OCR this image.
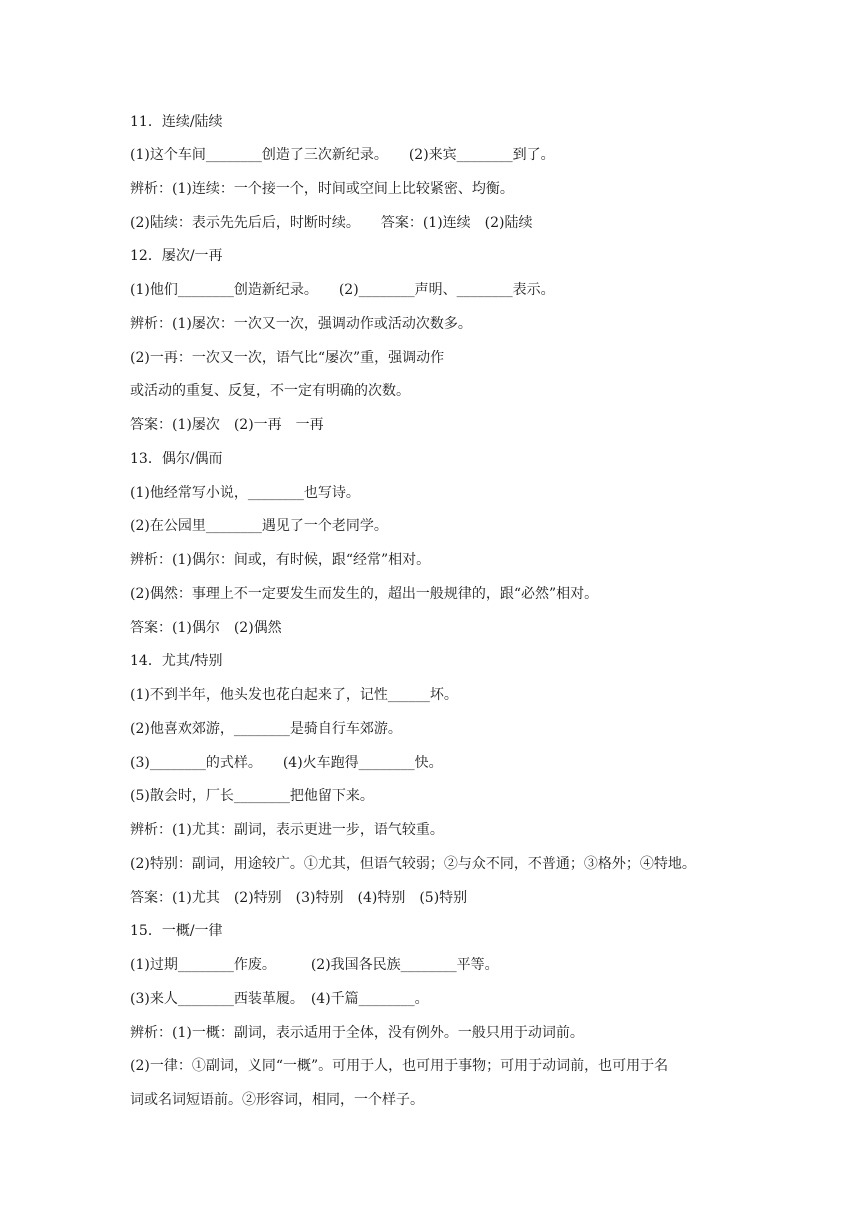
11．连续/陆续
(1)这个车间________创造了三次新纪录。　　(2)来宾________到了。
辨析：(1)连续：一个接一个，时间或空间上比较紧密、均衡。
(2)陆续：表示先先后后，时断时续。　　答案：(1)连续　(2)陆续
12．屡次/一再
(1)他们________创造新纪录。　　(2)________声明、________表示。
辨析：(1)屡次：一次又一次，强调动作或活动次数多。
(2)一再：一次又一次，语气比“屡次”重，强调动作
或活动的重复、反复，不一定有明确的次数。
答案：(1)屡次　(2)一再　一再
13．偶尔/偶而
(1)他经常写小说，________也写诗。
(2)在公园里________遇见了一个老同学。
辨析：(1)偶尔：间或，有时候，跟“经常”相对。
(2)偶然：事理上不一定要发生而发生的，超出一般规律的，跟“必然”相对。
答案：(1)偶尔　(2)偶然
14．尤其/特别
(1)不到半年，他头发也花白起来了，记性______坏。
(2)他喜欢郊游，________是骑自行车郊游。
(3)________的式样。　　(4)火车跑得________快。
(5)散会时，厂长________把他留下来。
辨析：(1)尤其：副词，表示更进一步，语气较重。
(2)特别：副词，用途较广。①尤其，但语气较弱；②与众不同，不普通；③格外；④特地。
答案：(1)尤其　(2)特别　(3)特别　(4)特别　(5)特别
15．一概/一律
(1)过期________作废。　　　(2)我国各民族________平等。
(3)来人________西装革履。　(4)千篇________。
辨析：(1)一概：副词，表示适用于全体，没有例外。一般只用于动词前。
(2)一律：①副词，义同“一概”。可用于人，也可用于事物；可用于动词前，也可用于名
词或名词短语前。②形容词，相同，一个样子。
